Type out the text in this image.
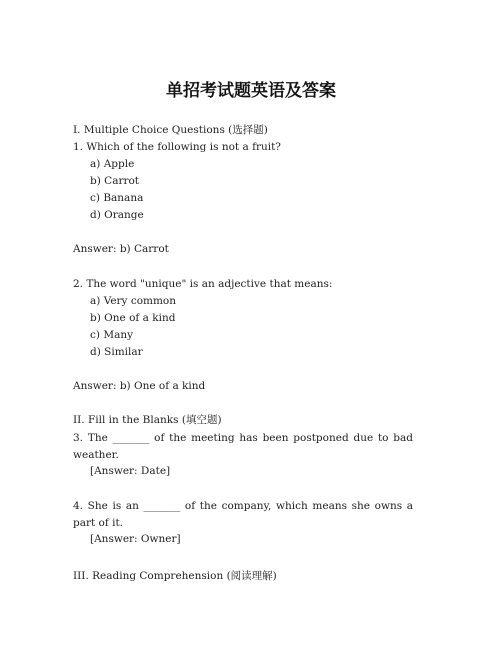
单招考试题英语及答案
I. Multiple Choice Questions (选择题)
1. Which of the following is not a fruit?
a) Apple
b) Carrot
c) Banana
d) Orange
Answer: b) Carrot
2. The word "unique" is an adjective that means:
a) Very common
b) One of a kind
c) Many
d) Similar
Answer: b) One of a kind
II. Fill in the Blanks (填空题)
3. The _______ of the meeting has been postponed due to bad weather.
[Answer: Date]
4. She is an _______ of the company, which means she owns a part of it.
[Answer: Owner]
III. Reading Comprehension (阅读理解)
